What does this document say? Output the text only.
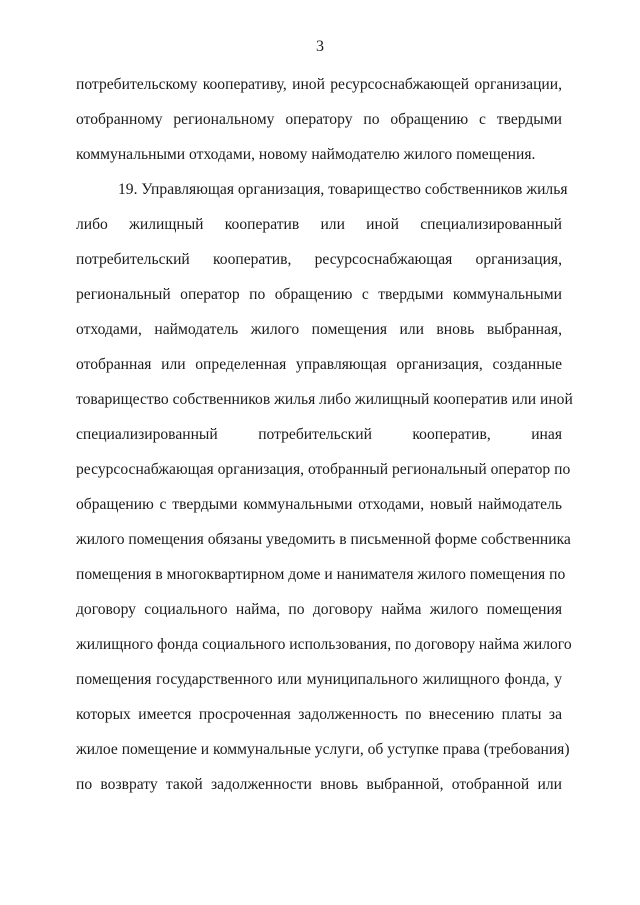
3
потребительскому кооперативу, иной ресурсоснабжающей организации,
отобранному региональному оператору по обращению с твердыми
коммунальными отходами, новому наймодателю жилого помещения.
19. Управляющая организация, товарищество собственников жилья
либо жилищный кооператив или иной специализированный
потребительский кооператив, ресурсоснабжающая организация,
региональный оператор по обращению с твердыми коммунальными
отходами, наймодатель жилого помещения или вновь выбранная,
отобранная или определенная управляющая организация, созданные
товарищество собственников жилья либо жилищный кооператив или иной
специализированный потребительский кооператив, иная
ресурсоснабжающая организация, отобранный региональный оператор по
обращению с твердыми коммунальными отходами, новый наймодатель
жилого помещения обязаны уведомить в письменной форме собственника
помещения в многоквартирном доме и нанимателя жилого помещения по
договору социального найма, по договору найма жилого помещения
жилищного фонда социального использования, по договору найма жилого
помещения государственного или муниципального жилищного фонда, у
которых имеется просроченная задолженность по внесению платы за
жилое помещение и коммунальные услуги, об уступке права (требования)
по возврату такой задолженности вновь выбранной, отобранной или
